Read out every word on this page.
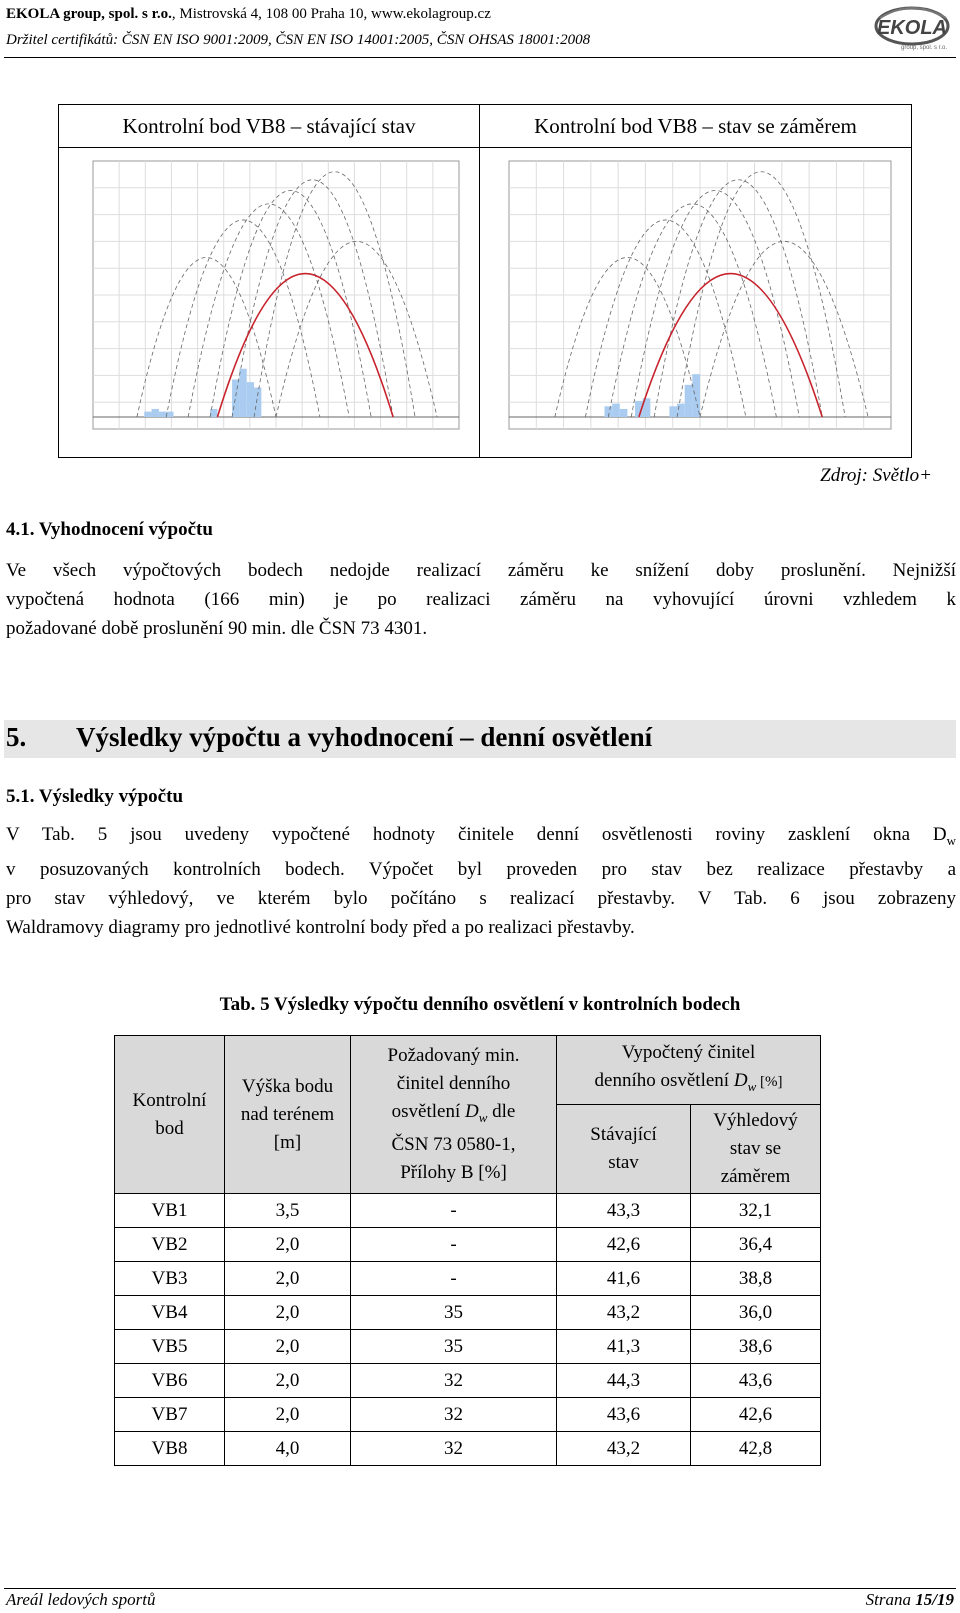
EKOLA group, spol. s r.o., Mistrovská 4, 108 00 Praha 10, www.ekolagroup.cz
Držitel certifikátů: ČSN EN ISO 9001:2009, ČSN EN ISO 14001:2005, ČSN OHSAS 18001:2008
EKOLA
group, spol. s r.o.
Kontrolní bod VB8 – stávající stav	Kontrolní bod VB8 – stav se záměrem
Zdroj: Světlo+
4.1. Vyhodnocení výpočtu
Ve všech výpočtových bodech nedojde realizací záměru ke snížení doby proslunění. Nejnižší
vypočtená hodnota (166 min) je po realizaci záměru na vyhovující úrovni vzhledem k
požadované době proslunění 90 min. dle ČSN 73 4301.
5. Výsledky výpočtu a vyhodnocení – denní osvětlení
5.1. Výsledky výpočtu
V Tab. 5 jsou uvedeny vypočtené hodnoty činitele denní osvětlenosti roviny zasklení okna $D_w$
v posuzovaných kontrolních bodech. Výpočet byl proveden pro stav bez realizace přestavby a
pro stav výhledový, ve kterém bylo počítáno s realizací přestavby. V Tab. 6 jsou zobrazeny
Waldramovy diagramy pro jednotlivé kontrolní body před a po realizaci přestavby.
Tab. 5 Výsledky výpočtu denního osvětlení v kontrolních bodech
Kontrolní
bod	Výška bodu
nad terénem
[m]	Požadovaný min.
činitel denního
osvětlení $D_w$ dle
ČSN 73 0580-1,
Přílohy B [%]	Vypočtený činitel
denního osvětlení $D_w$ [%]	
			Stávající
stav	Výhledový
stav se
záměrem
VB1	3,5	-	43,3	32,1
VB2	2,0	-	42,6	36,4
VB3	2,0	-	41,6	38,8
VB4	2,0	35	43,2	36,0
VB5	2,0	35	41,3	38,6
VB6	2,0	32	44,3	43,6
VB7	2,0	32	43,6	42,6
VB8	4,0	32	43,2	42,8
Areál ledových sportů	Strana 15/19
